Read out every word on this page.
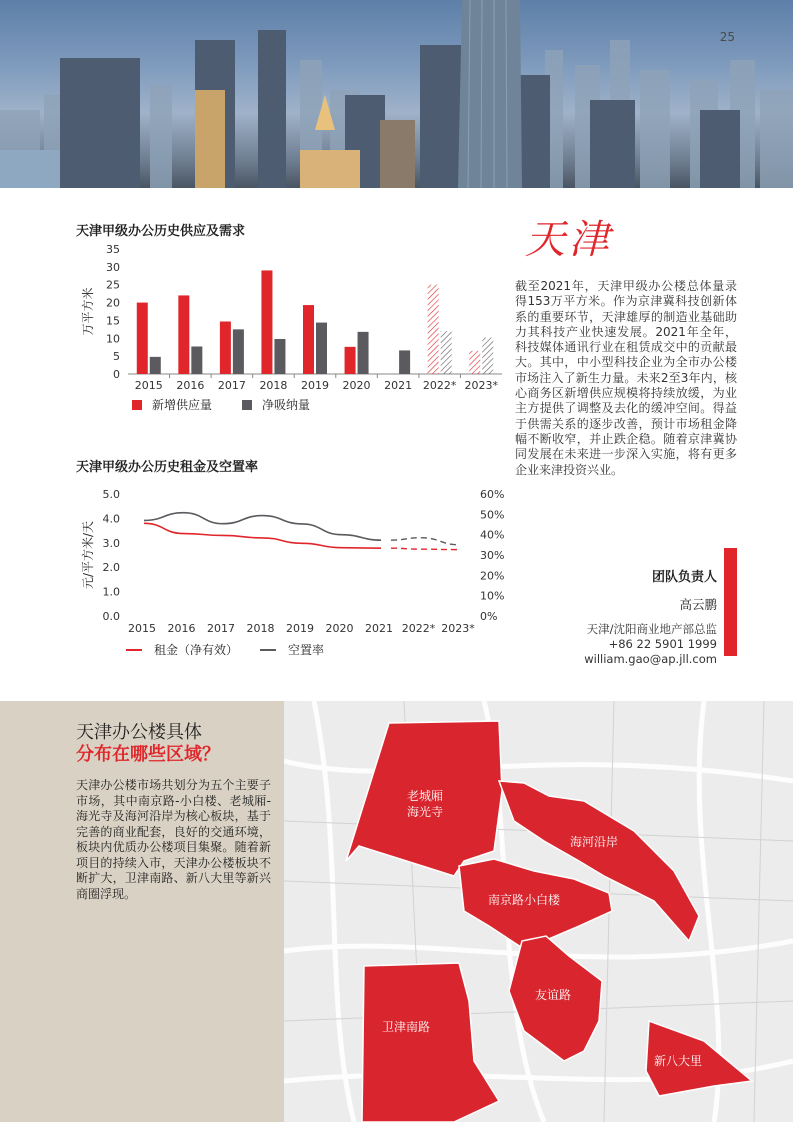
25
天津甲级办公历史供应及需求
0
5
10
15
20
25
30
35
万平方米
2015 2016 2017 2018 2019 2020 2021 2022* 2023*
新增供应量	净吸纳量
天津甲级办公历史租金及空置率
0.0
1.0
2.0
3.0
4.0
5.0
0%
10%
20%
30%
40%
50%
60%
元/平方米/天
2015 2016 2017 2018 2019 2020 2021 2022* 2023*
租金（净有效）	空置率
天津
截至2021年，天津甲级办公楼总体量录得153万平方米。作为京津冀科技创新体系的重要环节，天津雄厚的制造业基础助力其科技产业快速发展。2021年全年，科技媒体通讯行业在租赁成交中的贡献最大。其中，中小型科技企业为全市办公楼市场注入了新生力量。未来2至3年内，核心商务区新增供应规模将持续放缓，为业主方提供了调整及去化的缓冲空间。得益于供需关系的逐步改善，预计市场租金降幅不断收窄，并止跌企稳。随着京津冀协同发展在未来进一步深入实施，将有更多企业来津投资兴业。
团队负责人
高云鹏
天津/沈阳商业地产部总监
+86 22 5901 1999
william.gao@ap.jll.com
天津办公楼具体
分布在哪些区域？
天津办公楼市场共划分为五个主要子市场，其中南京路-小白楼、老城厢-海光寺及海河沿岸为核心板块，基于完善的商业配套，良好的交通环境，板块内优质办公楼项目集聚。随着新项目的持续入市，天津办公楼板块不断扩大，卫津南路、新八大里等新兴商圈浮现。
老城厢
海光寺
海河沿岸
南京路小白楼
友谊路
卫津南路
新八大里
